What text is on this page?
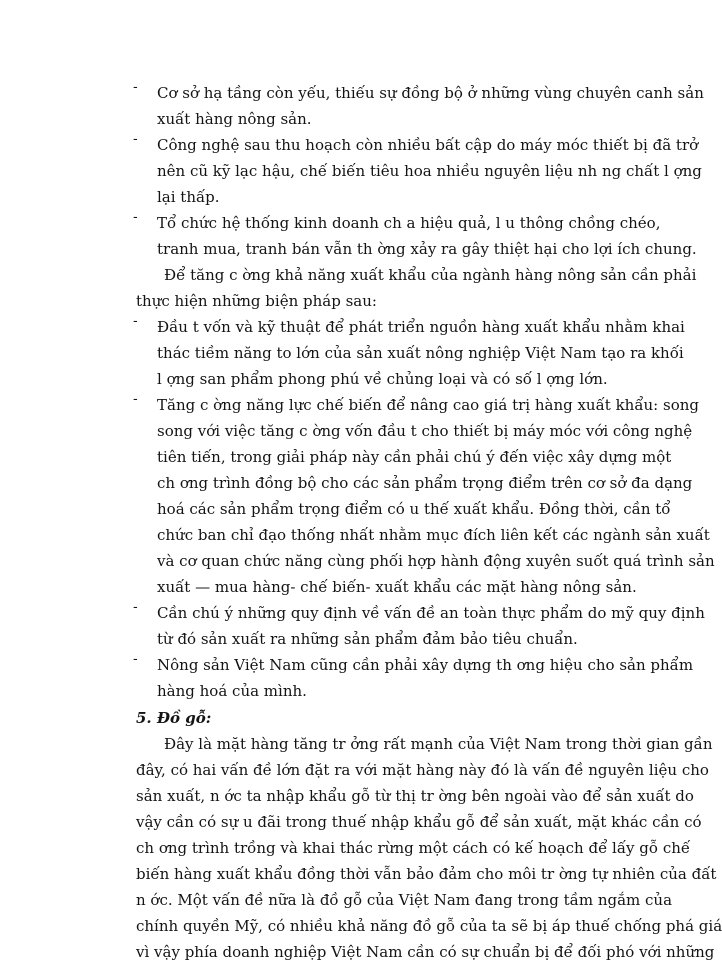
-	Cơ sở hạ tầng còn yếu, thiếu sự đồng bộ ở những vùng chuyên canh sản
xuất hàng nông sản.
-	Công nghệ sau thu hoạch còn nhiều bất cập do máy móc thiết bị đã trở
nên cũ kỹ lạc hậu, chế biến tiêu hoa nhiều nguyên liệu nh ng chất l ợng
lại thấp.
-	Tổ chức hệ thống kinh doanh ch a hiệu quả, l u thông chồng chéo,
tranh mua, tranh bán vẫn th ờng xảy ra gây thiệt hại cho lợi ích chung.
Để tăng c ờng khả năng xuất khẩu của ngành hàng nông sản cần phải
thực hiện những biện pháp sau:
-	Đầu t vốn và kỹ thuật để phát triển nguồn hàng xuất khẩu nhằm khai
thác tiềm năng to lớn của sản xuất nông nghiệp Việt Nam tạo ra khối
l ợng san phẩm phong phú về chủng loại và có số l ợng lớn.
-	Tăng c ờng năng lực chế biến để nâng cao giá trị hàng xuất khẩu: song
song với việc tăng c ờng vốn đầu t cho thiết bị máy móc với công nghệ
tiên tiến, trong giải pháp này cần phải chú ý đến việc xây dựng một
ch ơng trình đồng bộ cho các sản phẩm trọng điểm trên cơ sở đa dạng
hoá các sản phẩm trọng điểm có u thế xuất khẩu. Đồng thời, cần tổ
chức ban chỉ đạo thống nhất nhằm mục đích liên kết các ngành sản xuất
và cơ quan chức năng cùng phối hợp hành động xuyên suốt quá trình sản
xuất — mua hàng- chế biến- xuất khẩu các mặt hàng nông sản.
-	Cần chú ý những quy định về vấn đề an toàn thực phẩm do mỹ quy định
từ đó sản xuất ra những sản phẩm đảm bảo tiêu chuẩn.
-	Nông sản Việt Nam cũng cần phải xây dựng th ơng hiệu cho sản phẩm
hàng hoá của mình.
5. Đồ gỗ:
Đây là mặt hàng tăng tr ởng rất mạnh của Việt Nam trong thời gian gần
đây, có hai vấn đề lớn đặt ra với mặt hàng này đó là vấn đề nguyên liệu cho
sản xuất, n ớc ta nhập khẩu gỗ từ thị tr ờng bên ngoài vào để sản xuất do
vậy cần có sự u đãi trong thuế nhập khẩu gỗ để sản xuất, mặt khác cần có
ch ơng trình trồng và khai thác rừng một cách có kế hoạch để lấy gỗ chế
biến hàng xuất khẩu đồng thời vẫn bảo đảm cho môi tr ờng tự nhiên của đất
n ớc. Một vấn đề nữa là đồ gỗ của Việt Nam đang trong tầm ngắm của
chính quyền Mỹ, có nhiều khả năng đồ gỗ của ta sẽ bị áp thuế chống phá giá
vì vậy phía doanh nghiệp Việt Nam cần có sự chuẩn bị để đối phó với những
